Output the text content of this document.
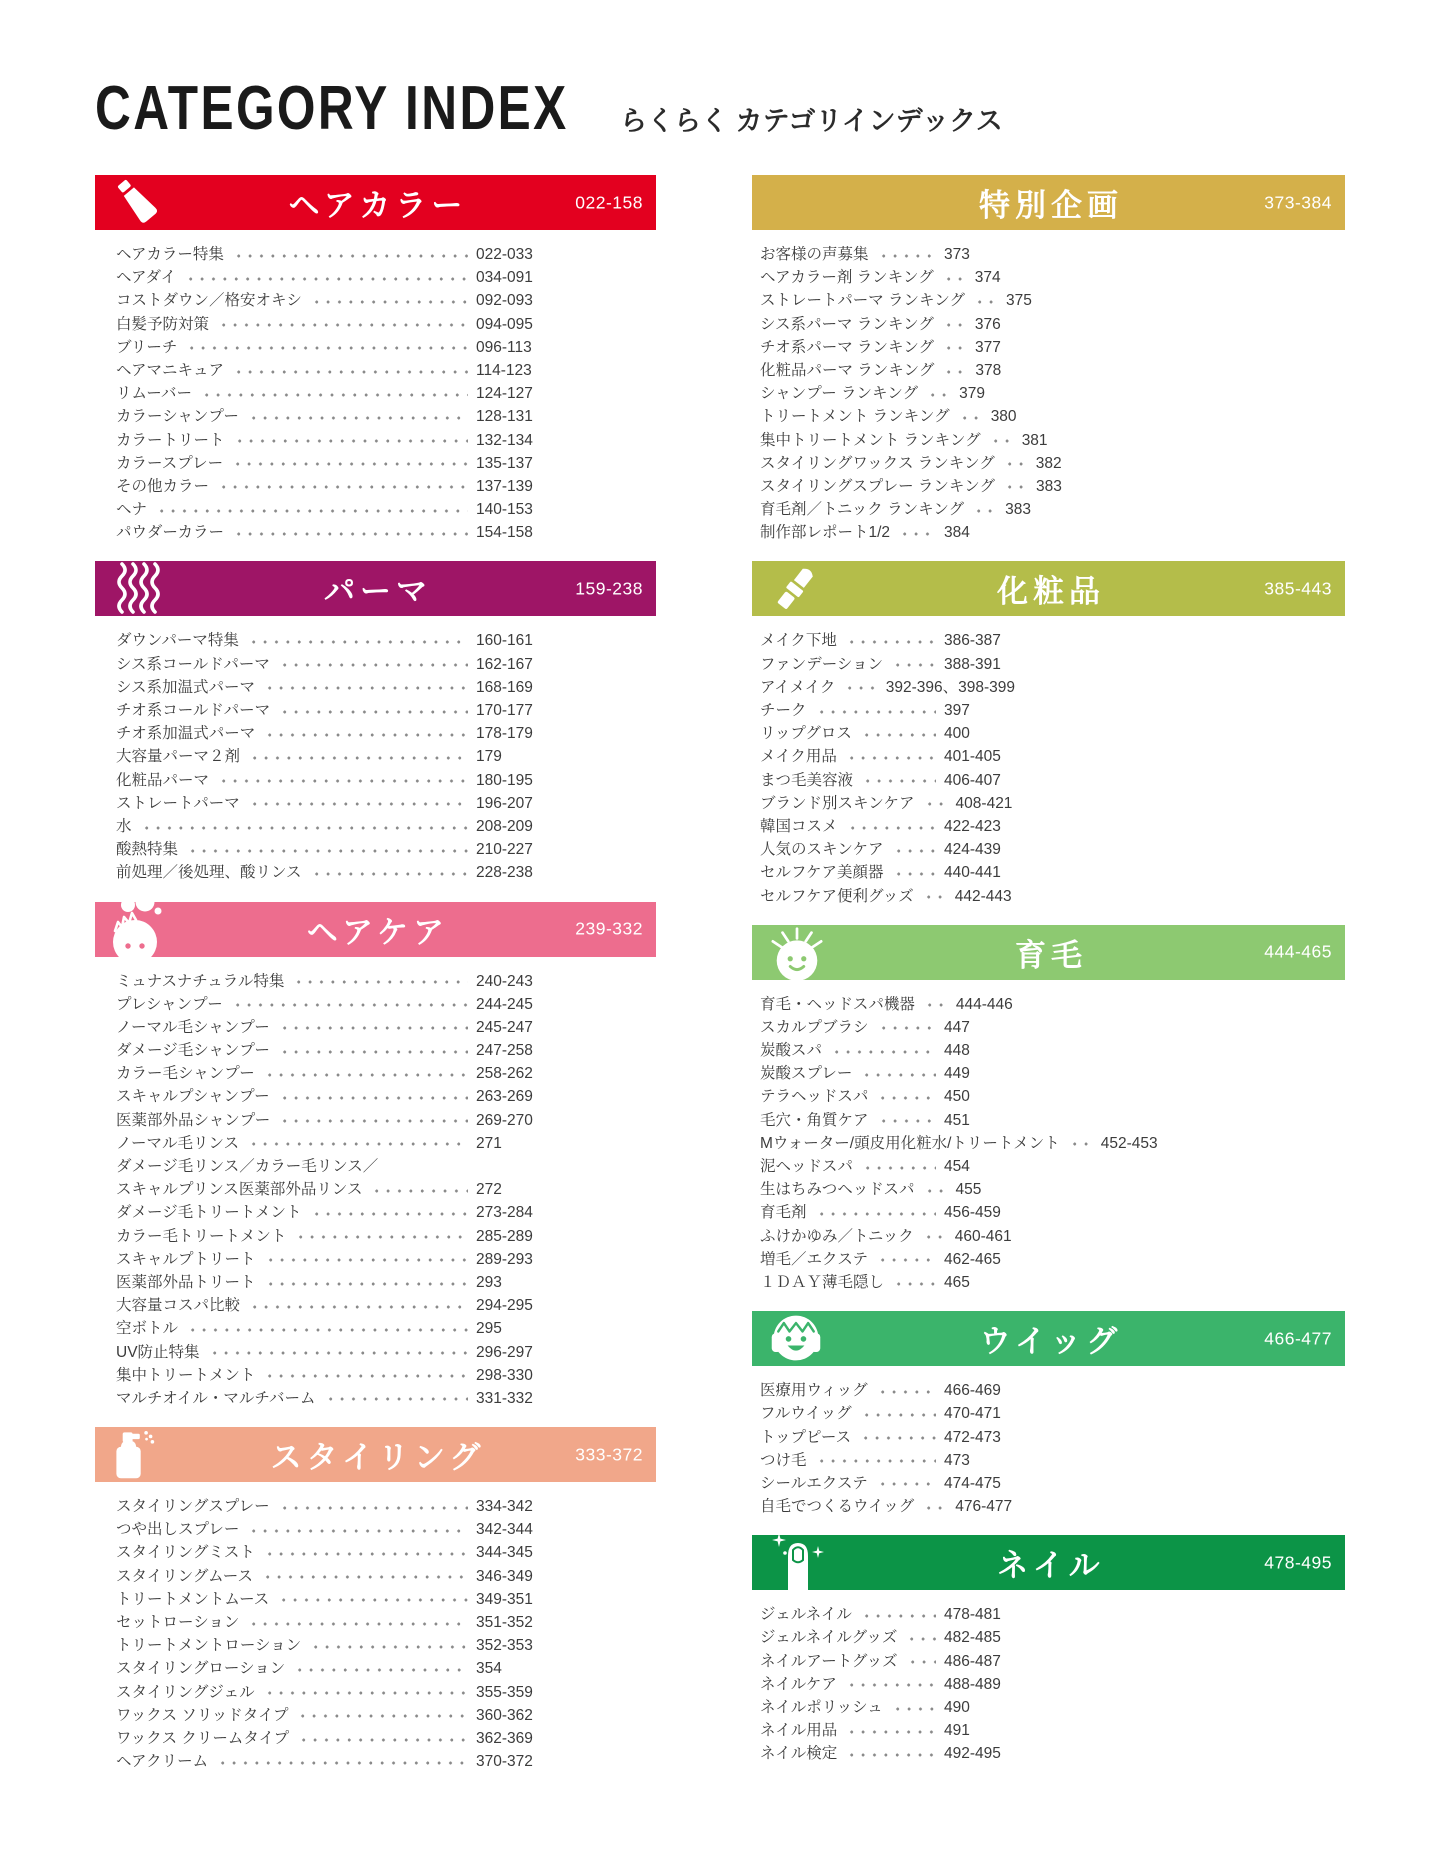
CATEGORY INDEX	らくらく カテゴリインデックス
ヘアカラー	022-158
ヘアカラー特集	022-033
ヘアダイ	034-091
コストダウン／格安オキシ	092-093
白髪予防対策	094-095
ブリーチ	096-113
ヘアマニキュア	114-123
リムーバー	124-127
カラーシャンプー	128-131
カラートリート	132-134
カラースプレー	135-137
その他カラー	137-139
ヘナ	140-153
パウダーカラー	154-158
パーマ	159-238
ダウンパーマ特集	160-161
シス系コールドパーマ	162-167
シス系加温式パーマ	168-169
チオ系コールドパーマ	170-177
チオ系加温式パーマ	178-179
大容量パーマ２剤	179
化粧品パーマ	180-195
ストレートパーマ	196-207
水	208-209
酸熱特集	210-227
前処理／後処理、酸リンス	228-238
ヘアケア	239-332
ミュナスナチュラル特集	240-243
プレシャンプー	244-245
ノーマル毛シャンプー	245-247
ダメージ毛シャンプー	247-258
カラー毛シャンプー	258-262
スキャルプシャンプー	263-269
医薬部外品シャンプー	269-270
ノーマル毛リンス	271
ダメージ毛リンス／カラー毛リンス／
スキャルプリンス医薬部外品リンス	272
ダメージ毛トリートメント	273-284
カラー毛トリートメント	285-289
スキャルプトリート	289-293
医薬部外品トリート	293
大容量コスパ比較	294-295
空ボトル	295
UV防止特集	296-297
集中トリートメント	298-330
マルチオイル・マルチバーム	331-332
スタイリング	333-372
スタイリングスプレー	334-342
つや出しスプレー	342-344
スタイリングミスト	344-345
スタイリングムース	346-349
トリートメントムース	349-351
セットローション	351-352
トリートメントローション	352-353
スタイリングローション	354
スタイリングジェル	355-359
ワックス ソリッドタイプ	360-362
ワックス クリームタイプ	362-369
ヘアクリーム	370-372
特別企画	373-384
お客様の声募集	373
ヘアカラー剤 ランキング	374
ストレートパーマ ランキング	375
シス系パーマ ランキング	376
チオ系パーマ ランキング	377
化粧品パーマ ランキング	378
シャンプー ランキング	379
トリートメント ランキング	380
集中トリートメント ランキング	381
スタイリングワックス ランキング	382
スタイリングスプレー ランキング	383
育毛剤／トニック ランキング	383
制作部レポート1/2	384
化粧品	385-443
メイク下地	386-387
ファンデーション	388-391
アイメイク	392-396、398-399
チーク	397
リップグロス	400
メイク用品	401-405
まつ毛美容液	406-407
ブランド別スキンケア	408-421
韓国コスメ	422-423
人気のスキンケア	424-439
セルフケア美顔器	440-441
セルフケア便利グッズ	442-443
育毛	444-465
育毛・ヘッドスパ機器	444-446
スカルプブラシ	447
炭酸スパ	448
炭酸スプレー	449
テラヘッドスパ	450
毛穴・角質ケア	451
Mウォーター/頭皮用化粧水/トリートメント	452-453
泥ヘッドスパ	454
生はちみつヘッドスパ	455
育毛剤	456-459
ふけかゆみ／トニック	460-461
増毛／エクステ	462-465
１ＤＡＹ薄毛隠し	465
ウイッグ	466-477
医療用ウィッグ	466-469
フルウイッグ	470-471
トップピース	472-473
つけ毛	473
シールエクステ	474-475
自毛でつくるウイッグ	476-477
ネイル	478-495
ジェルネイル	478-481
ジェルネイルグッズ	482-485
ネイルアートグッズ	486-487
ネイルケア	488-489
ネイルポリッシュ	490
ネイル用品	491
ネイル検定	492-495
